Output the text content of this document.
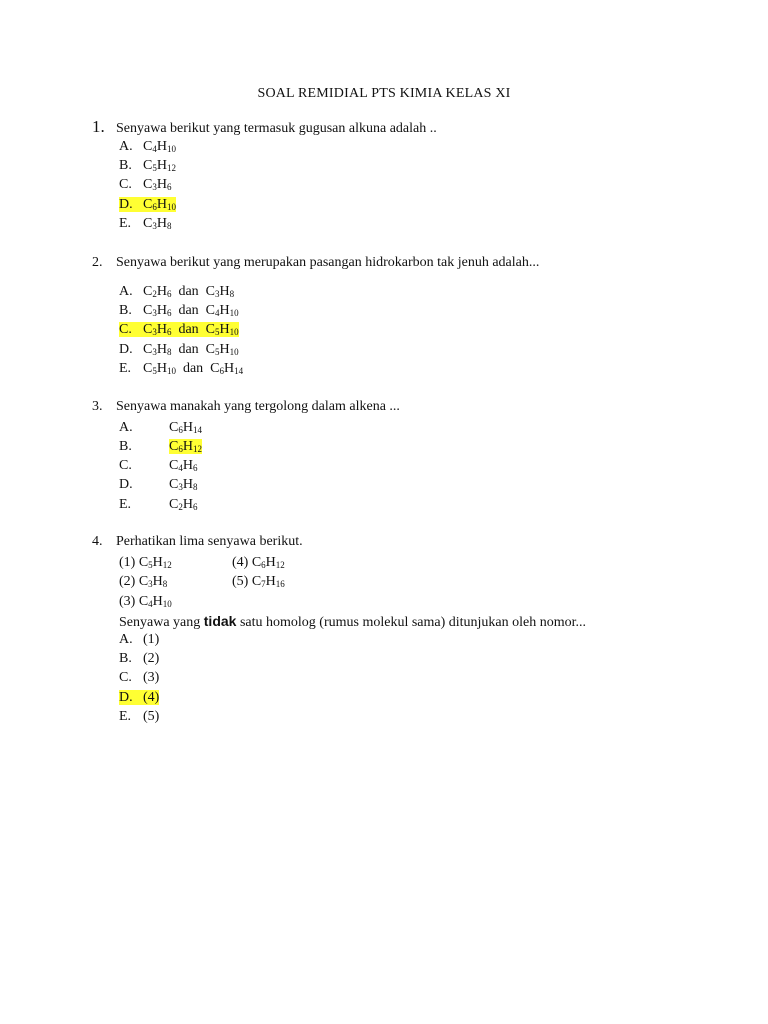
SOAL REMIDIAL PTS KIMIA KELAS XI
1. Senyawa berikut yang termasuk gugusan alkuna adalah ..
A. $C_4H_{10}$
B. $C_5H_{12}$
C. $C_3H_6$
D. $C_6H_{10}$
E. $C_3H_8$
2. Senyawa berikut yang merupakan pasangan hidrokarbon tak jenuh adalah...
A. $C_2H_6$  dan  $C_3H_8$
B. $C_3H_6$  dan  $C_4H_{10}$
C. $C_3H_6$  dan  $C_5H_{10}$
D. $C_3H_8$  dan  $C_5H_{10}$
E. $C_5H_{10}$  dan  $C_6H_{14}$
3. Senyawa manakah yang tergolong dalam alkena ...
A.	$C_6H_{14}$
B.	$C_6H_{12}$
C.	$C_4H_6$
D.	$C_3H_8$
E.	$C_2H_6$
4. Perhatikan lima senyawa berikut.
(1) $C_5H_{12}$	(4) $C_6H_{12}$
(2) $C_3H_8$	(5) $C_7H_{16}$
(3) $C_4H_{10}$
Senyawa yang tidak satu homolog (rumus molekul sama) ditunjukan oleh nomor...
A. (1)
B. (2)
C. (3)
D. (4)
E. (5)
